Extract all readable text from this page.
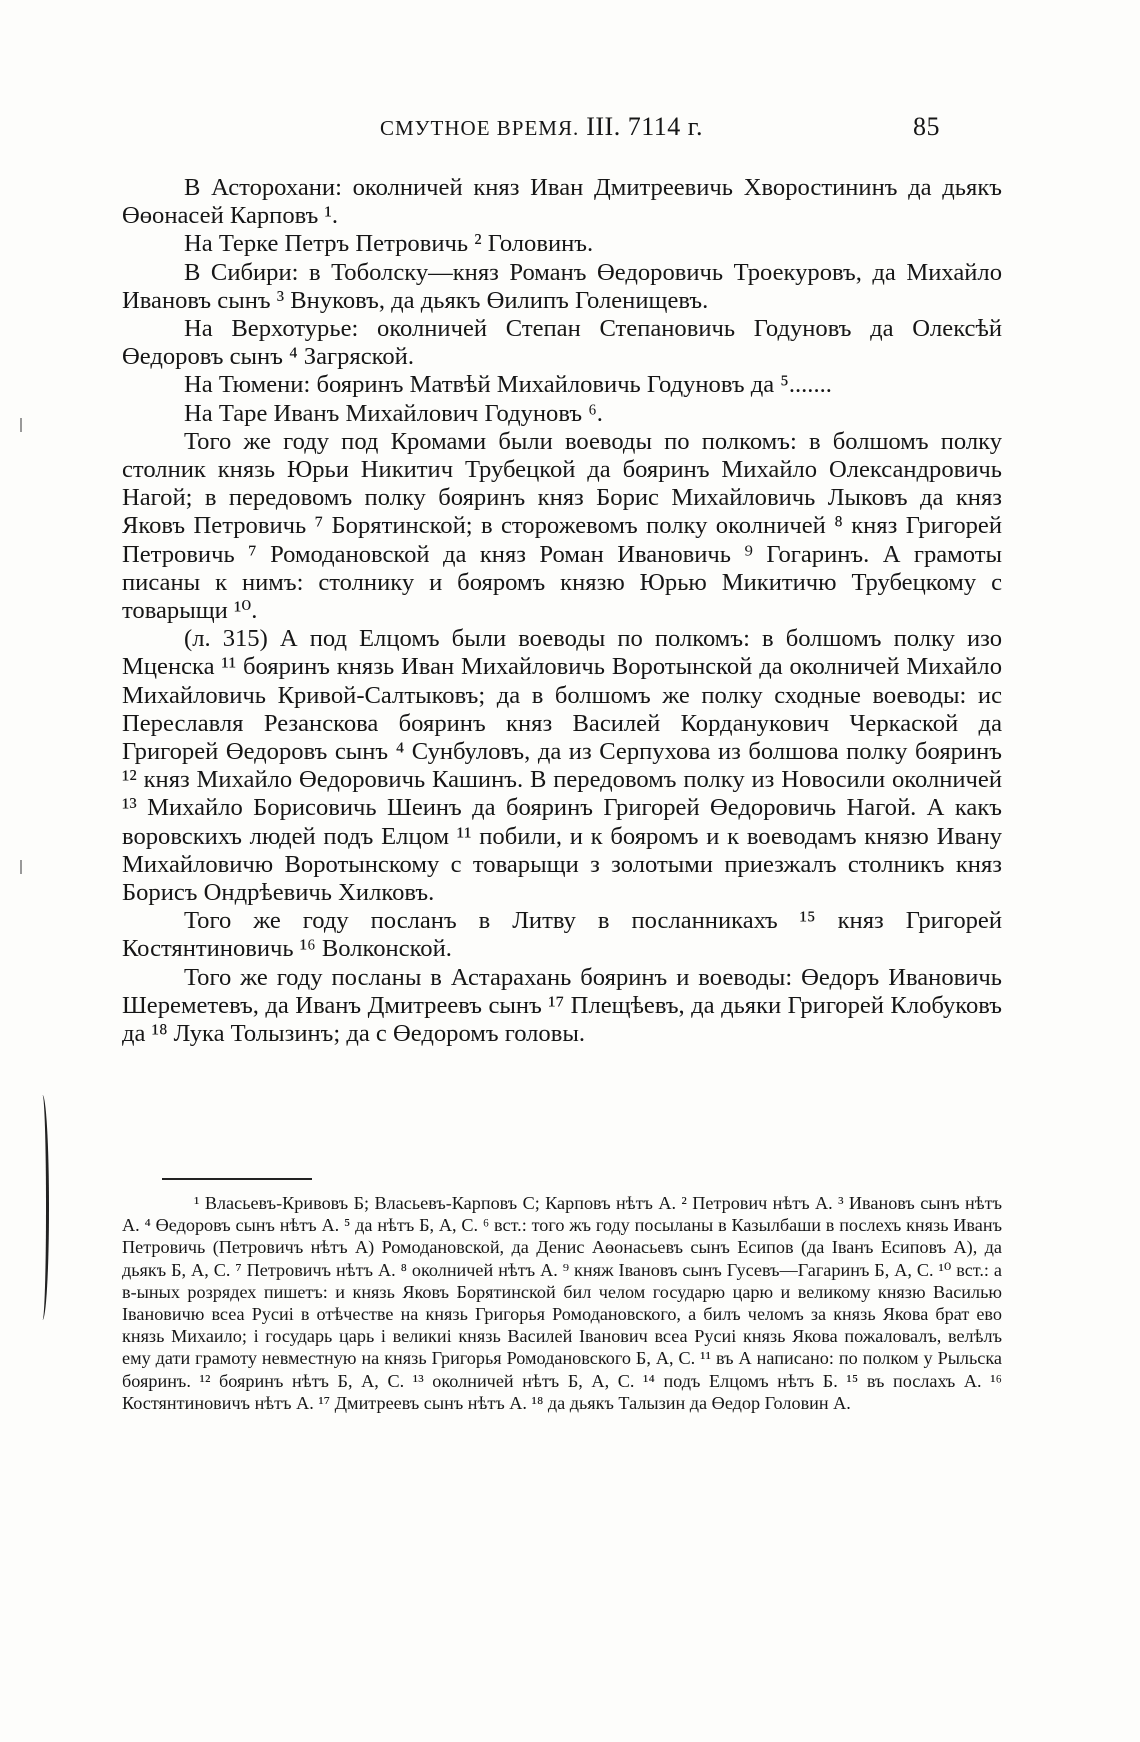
СМУТНОЕ ВРЕМЯ. III. 7114 г.	85

В Асторохани: околничей княз Иван Дмитреевичь Хворостининъ да дьякъ Өөонасей Карповъ ¹.

На Терке Петръ Петровичь ² Головинъ.

В Сибири: в Тоболску—княз Романъ Өедоровичь Троекуровъ, да Михайло Ивановъ сынъ ³ Внуковъ, да дьякъ Өилипъ Голенищевъ.

На Верхотурье: околничей Степан Степановичь Годуновъ да Олексѣй Өедоровъ сынъ ⁴ Загряской.

На Тюмени: бояринъ Матвѣй Михайловичь Годуновъ да ⁵.......

На Таре Иванъ Михайлович Годуновъ ⁶.

Того же году под Кромами были воеводы по полкомъ: в болшомъ полку столник князь Юрьи Никитич Трубецкой да бояринъ Михайло Олександровичь Нагой; в передовомъ полку бояринъ княз Борис Михайловичь Лыковъ да княз Яковъ Петровичь ⁷ Борятинской; в сторожевомъ полку околничей ⁸ княз Григорей Петровичь ⁷ Ромодановской да княз Роман Ивановичь ⁹ Гогаринъ. А грамоты писаны к нимъ: столнику и бояромъ князю Юрью Микитичю Трубецкому с товарыщи ¹⁰.

(л. 315) А под Елцомъ были воеводы по полкомъ: в болшомъ полку изо Мценска ¹¹ бояринъ князь Иван Михайловичь Воротынской да околничей Михайло Михайловичь Кривой-Салтыковъ; да в болшомъ же полку сходные воеводы: ис Переславля Резанскова бояринъ княз Василей Корданукович Черкаской да Григорей Өедоровъ сынъ ⁴ Сунбуловъ, да из Серпухова из болшова полку бояринъ ¹² княз Михайло Өедоровичь Кашинъ. В передовомъ полку из Новосили околничей ¹³ Михайло Борисовичь Шеинъ да бояринъ Григорей Өедоровичь Нагой. А какъ воровскихъ людей подъ Елцом ¹¹ побили, и к бояромъ и к воеводамъ князю Ивану Михайловичю Воротынскому с товарыщи з золотыми приезжалъ столникъ княз Борисъ Ондрѣевичь Хилковъ.

Того же году посланъ в Литву в посланникахъ ¹⁵ княз Григорей Костянтиновичь ¹⁶ Волконской.

Того же году посланы в Астарахань бояринъ и воеводы: Өедоръ Ивановичь Шереметевъ, да Иванъ Дмитреевъ сынъ ¹⁷ Плещѣевъ, да дьяки Григорей Клобуковъ да ¹⁸ Лука Толызинъ; да с Өедоромъ головы.

¹ Власьевъ-Кривовъ Б; Власьевъ-Карповъ С; Карповъ нѣтъ А. ² Петрович нѣтъ А. ³ Ивановъ сынъ нѣтъ А. ⁴ Өедоровъ сынъ нѣтъ А. ⁵ да нѣтъ Б, А, С. ⁶ вст.: того жъ году посыланы в Казылбаши в послехъ князь Иванъ Петровичь (Петровичъ нѣтъ А) Ромодановской, да Денис Аөонасьевъ сынъ Есипов (да Іванъ Есиповъ А), да дьякъ Б, А, С. ⁷ Петровичъ нѣтъ А. ⁸ околничей нѣтъ А. ⁹ княж Івановъ сынъ Гусевъ—Гагаринъ Б, А, С. ¹⁰ вст.: а в-ыных розрядех пишетъ: и князь Яковъ Борятинской бил челом государю царю и великому князю Василью Івановичю всеа Русиі в отѣчестве на князь Григорья Ромодановского, а билъ челомъ за князь Якова брат ево князь Михаило; і государь царь і великиі князь Василей Іванович всеа Русиі князь Якова пожаловалъ, велѣлъ ему дати грамоту невместную на князь Григорья Ромодановского Б, А, С. ¹¹ въ А написано: по полком у Рыльска бояринъ. ¹² бояринъ нѣтъ Б, А, С. ¹³ околничей нѣтъ Б, А, С. ¹⁴ подъ Елцомъ нѣтъ Б. ¹⁵ въ послахъ А. ¹⁶ Костянтиновичъ нѣтъ А. ¹⁷ Дмитреевъ сынъ нѣтъ А. ¹⁸ да дьякъ Талызин да Өедор Головин А.
